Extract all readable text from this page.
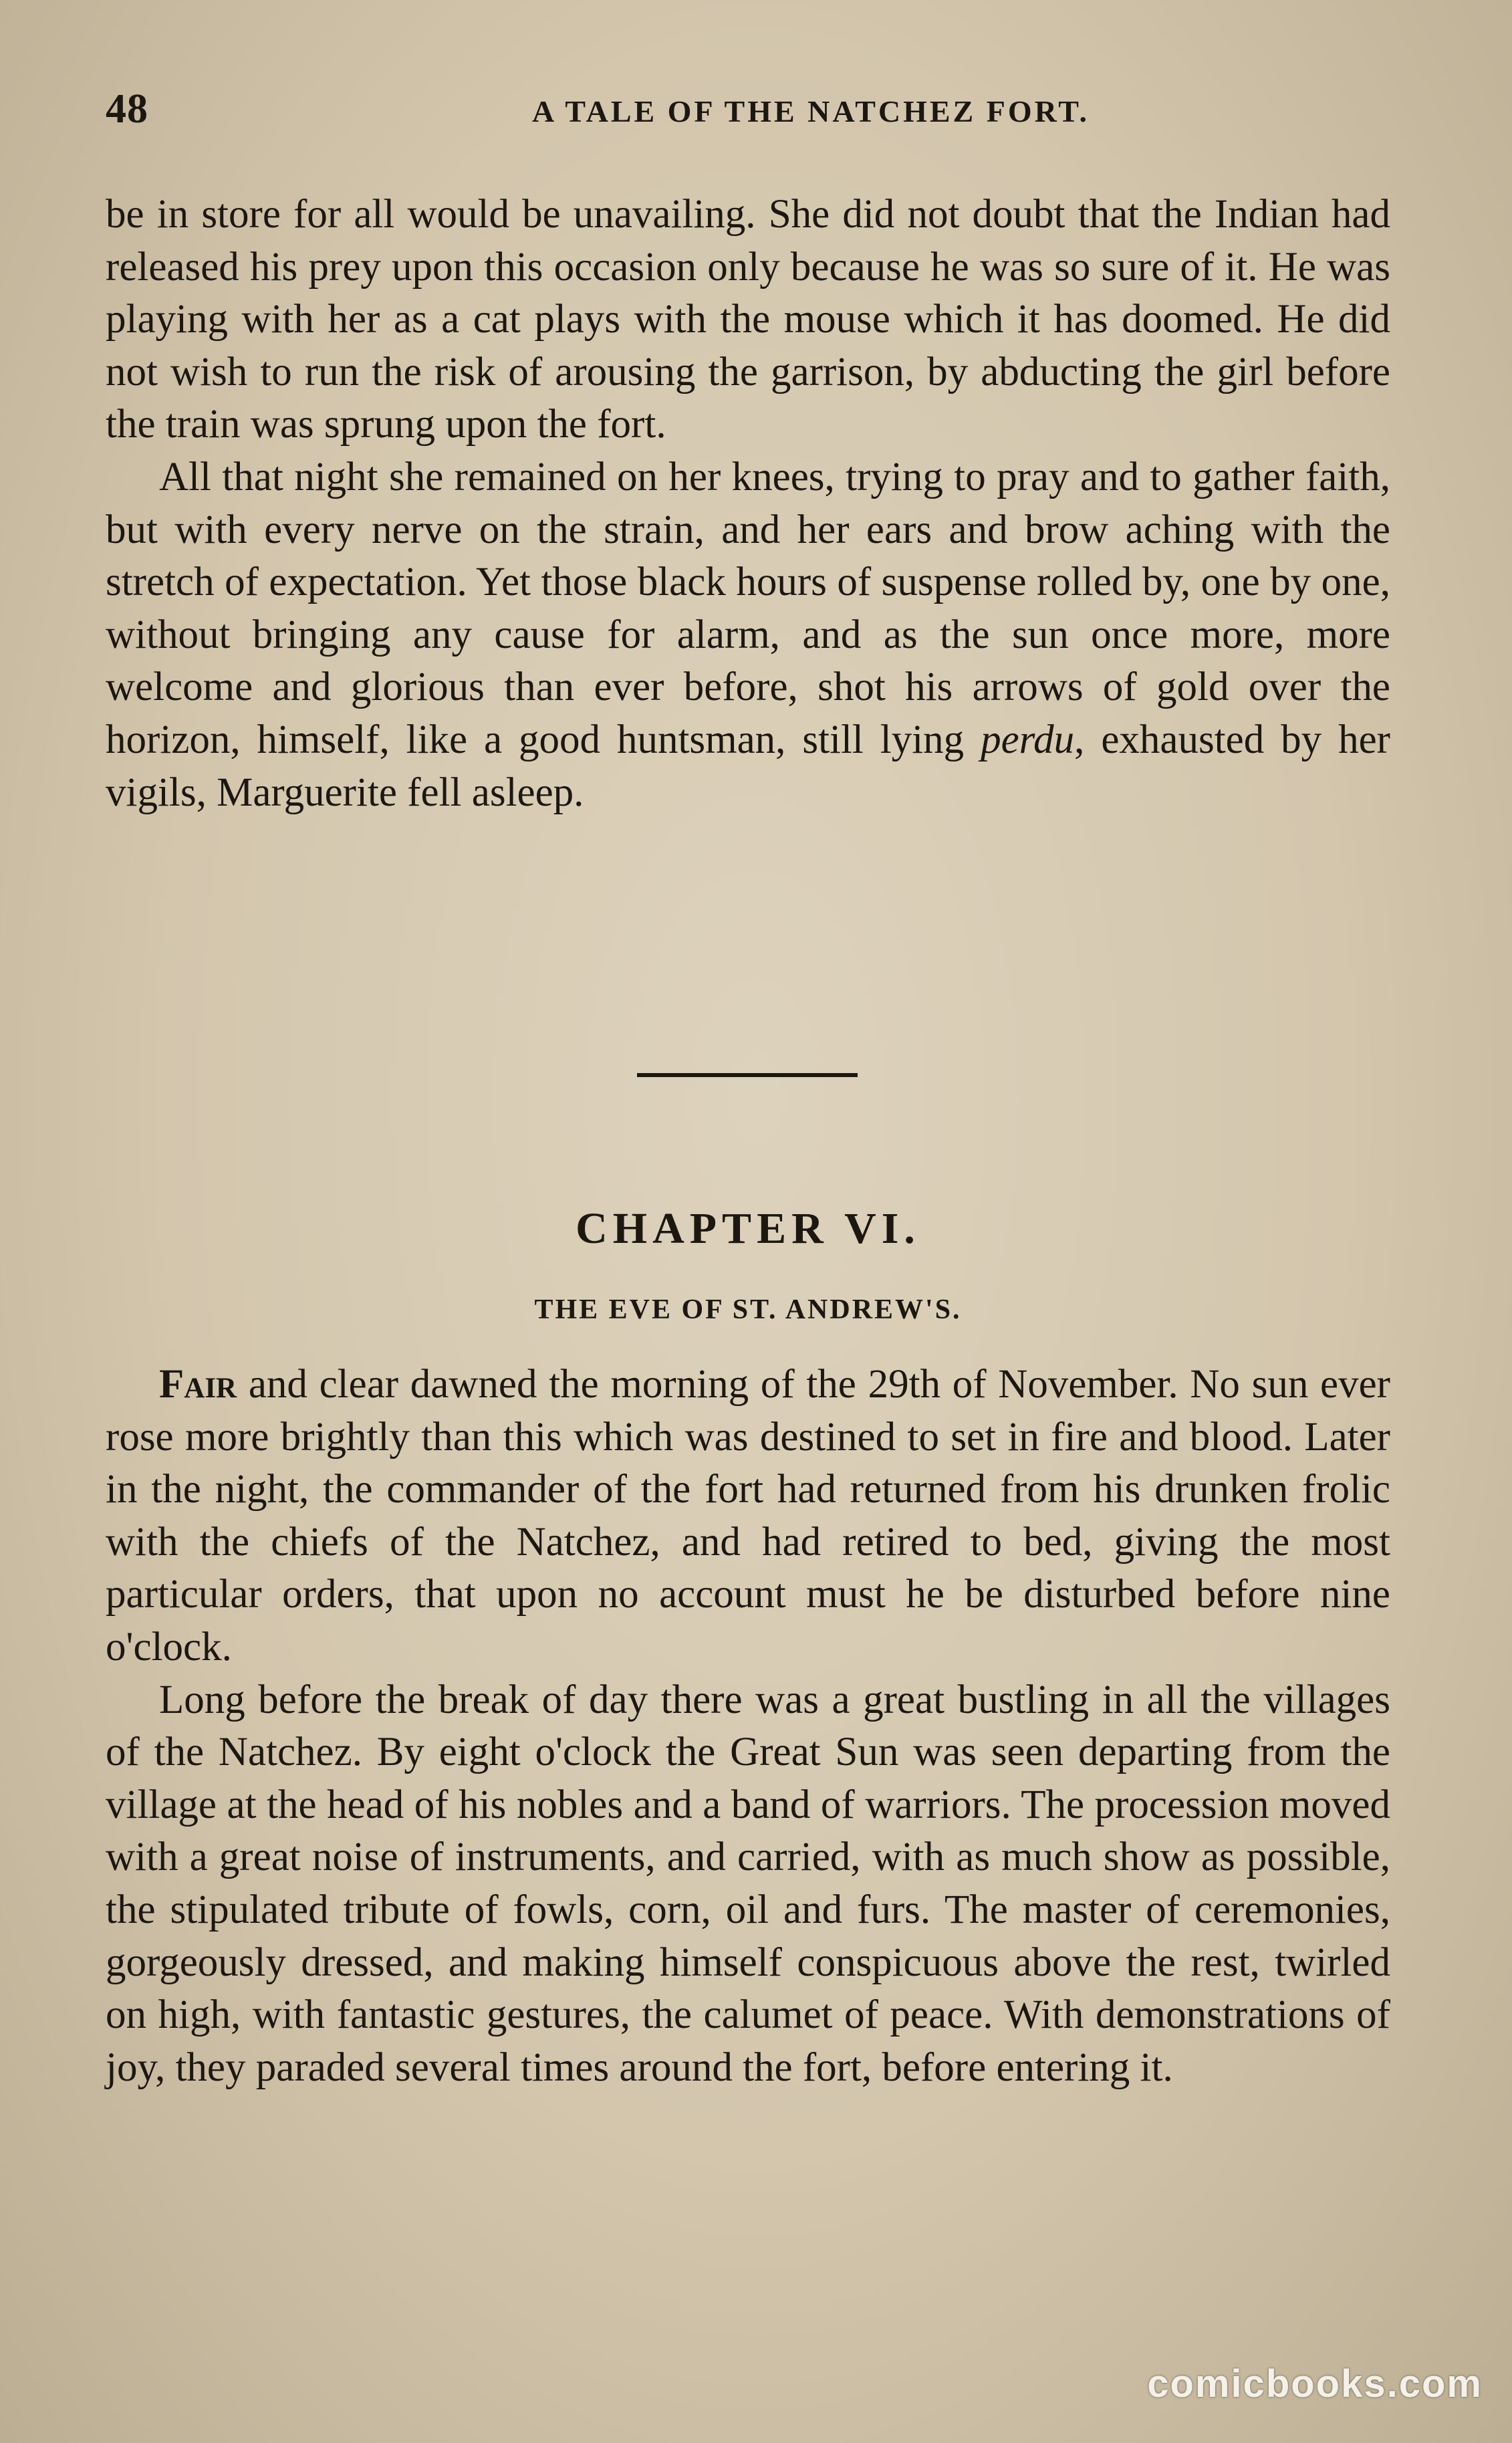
48	A TALE OF THE NATCHEZ FORT.

be in store for all would be unavailing. She did not doubt that the Indian had released his prey upon this occasion only because he was so sure of it. He was playing with her as a cat plays with the mouse which it has doomed. He did not wish to run the risk of arousing the garrison, by abducting the girl before the train was sprung upon the fort.

All that night she remained on her knees, trying to pray and to gather faith, but with every nerve on the strain, and her ears and brow aching with the stretch of expectation. Yet those black hours of suspense rolled by, one by one, without bringing any cause for alarm, and as the sun once more, more welcome and glorious than ever before, shot his arrows of gold over the horizon, himself, like a good huntsman, still lying perdu, exhausted by her vigils, Marguerite fell asleep.

CHAPTER VI.
THE EVE OF ST. ANDREW'S.

Fair and clear dawned the morning of the 29th of November. No sun ever rose more brightly than this which was destined to set in fire and blood. Later in the night, the commander of the fort had returned from his drunken frolic with the chiefs of the Natchez, and had retired to bed, giving the most particular orders, that upon no account must he be disturbed before nine o'clock.

Long before the break of day there was a great bustling in all the villages of the Natchez. By eight o'clock the Great Sun was seen departing from the village at the head of his nobles and a band of warriors. The procession moved with a great noise of instruments, and carried, with as much show as possible, the stipulated tribute of fowls, corn, oil and furs. The master of ceremonies, gorgeously dressed, and making himself conspicuous above the rest, twirled on high, with fantastic gestures, the calumet of peace. With demonstrations of joy, they paraded several times around the fort, before entering it.

comicbooks.com
